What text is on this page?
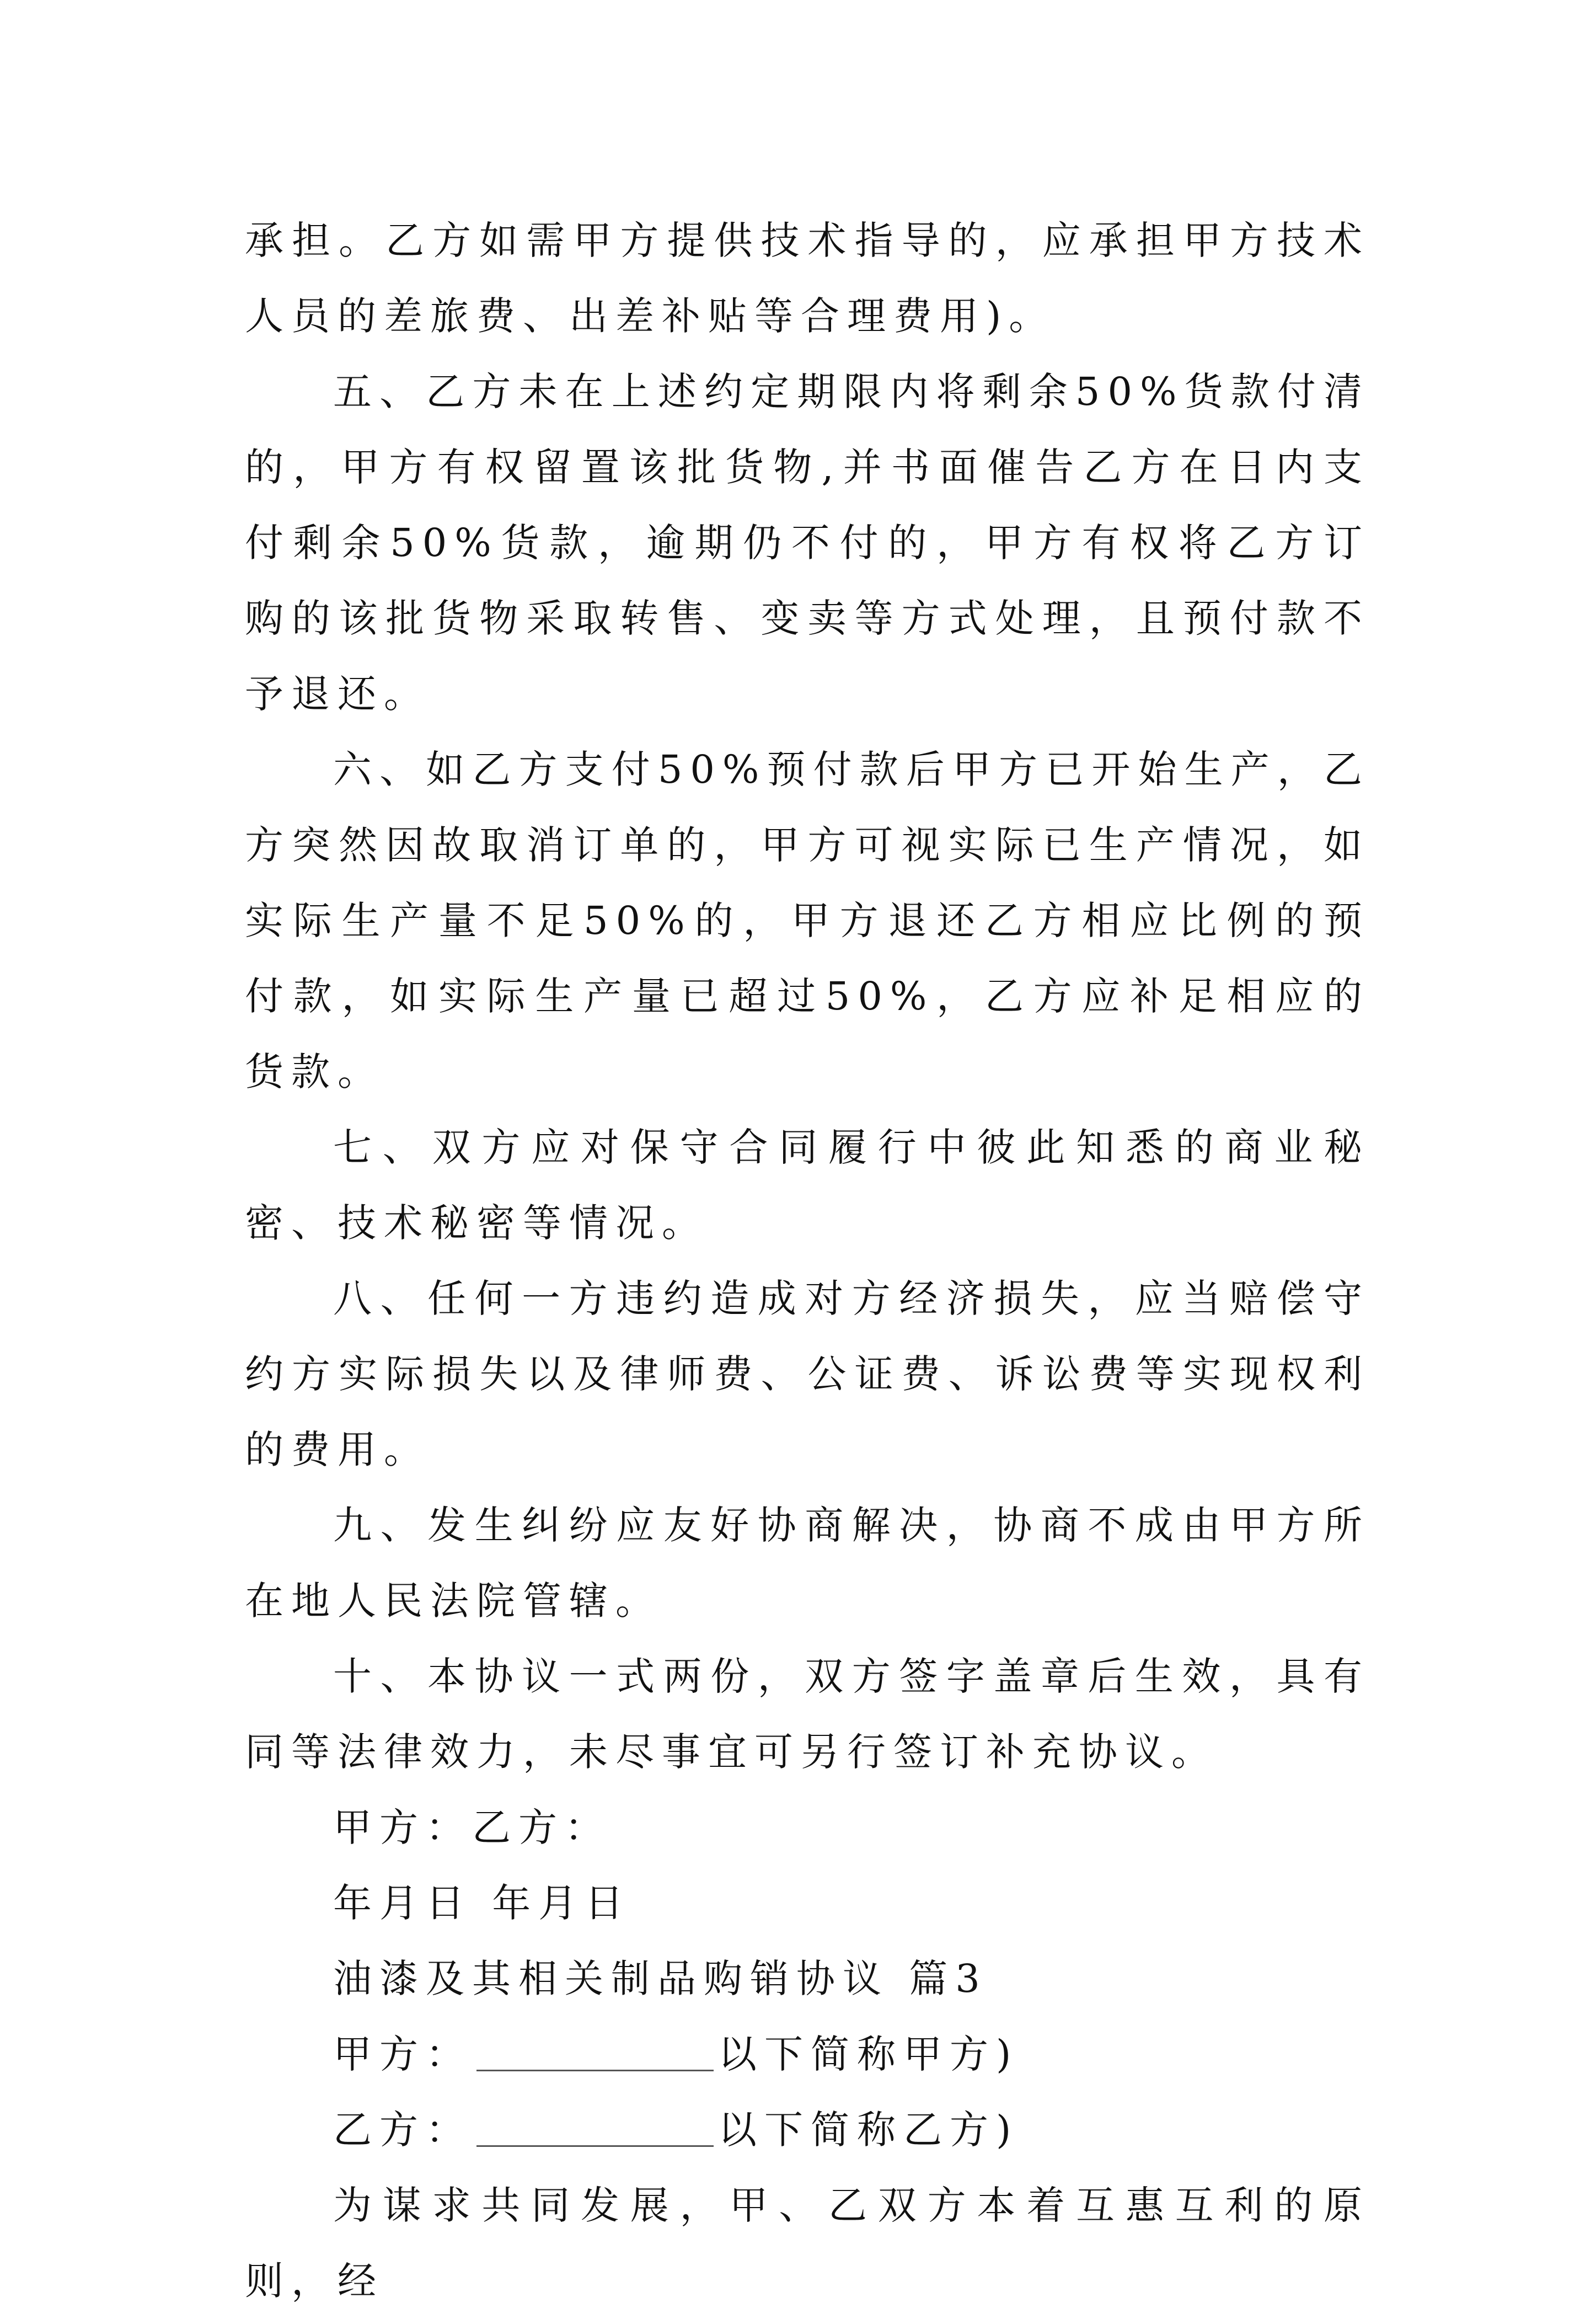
承担。乙方如需甲方提供技术指导的，应承担甲方技术人员的差旅费、出差补贴等合理费用)。

五、乙方未在上述约定期限内将剩余50%货款付清的，甲方有权留置该批货物,并书面催告乙方在日内支付剩余50%货款，逾期仍不付的，甲方有权将乙方订购的该批货物采取转售、变卖等方式处理，且预付款不予退还。

六、如乙方支付50%预付款后甲方已开始生产，乙方突然因故取消订单的，甲方可视实际已生产情况，如实际生产量不足50%的，甲方退还乙方相应比例的预付款，如实际生产量已超过50%，乙方应补足相应的货款。

七、双方应对保守合同履行中彼此知悉的商业秘密、技术秘密等情况。

八、任何一方违约造成对方经济损失，应当赔偿守约方实际损失以及律师费、公证费、诉讼费等实现权利的费用。

九、发生纠纷应友好协商解决，协商不成由甲方所在地人民法院管辖。

十、本协议一式两份，双方签字盖章后生效，具有同等法律效力，未尽事宜可另行签订补充协议。

甲方：乙方：

年月日 年月日

油漆及其相关制品购销协议 篇3

甲方：	以下简称甲方)

乙方：	以下简称乙方)

为谋求共同发展，甲、乙双方本着互惠互利的原则，经
